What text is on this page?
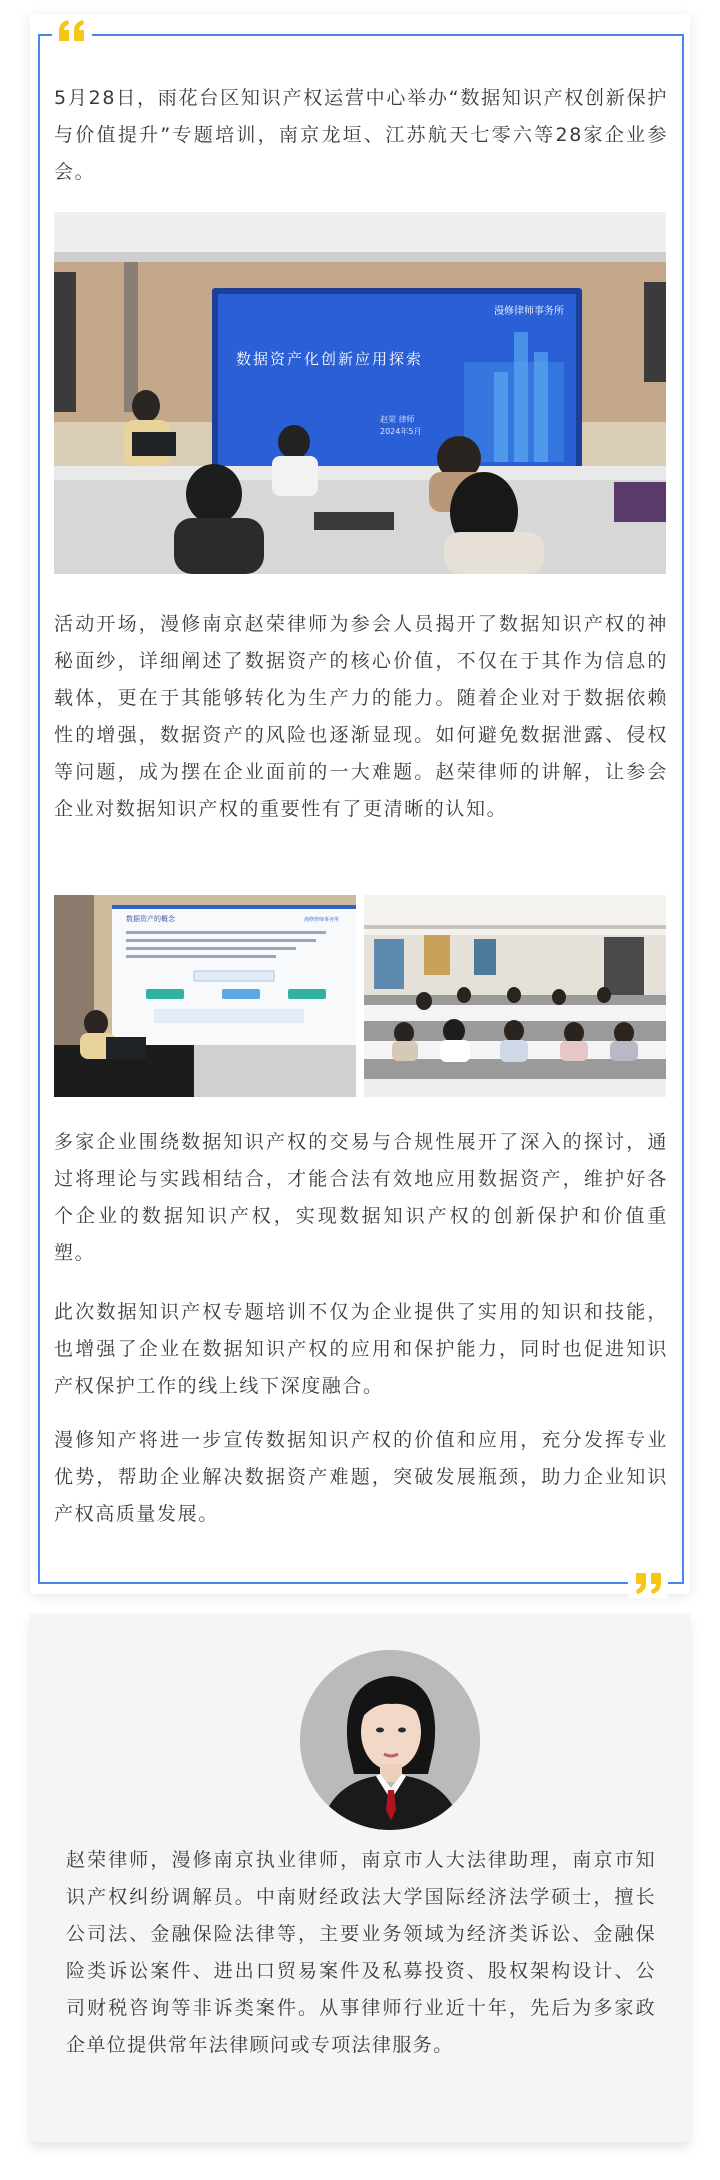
5月28日，雨花台区知识产权运营中心举办“数据知识产权创新保护与价值提升”专题培训，南京龙垣、江苏航天七零六等28家企业参会。

漫修律师事务所
数据资产化创新应用探索
赵荣 律师
2024年5月

活动开场，漫修南京赵荣律师为参会人员揭开了数据知识产权的神秘面纱，详细阐述了数据资产的核心价值，不仅在于其作为信息的载体，更在于其能够转化为生产力的能力。随着企业对于数据依赖性的增强，数据资产的风险也逐渐显现。如何避免数据泄露、侵权等问题，成为摆在企业面前的一大难题。赵荣律师的讲解，让参会企业对数据知识产权的重要性有了更清晰的认知。

数据资产的概念	漫修律师事务所

多家企业围绕数据知识产权的交易与合规性展开了深入的探讨，通过将理论与实践相结合，才能合法有效地应用数据资产，维护好各个企业的数据知识产权，实现数据知识产权的创新保护和价值重塑。

此次数据知识产权专题培训不仅为企业提供了实用的知识和技能，也增强了企业在数据知识产权的应用和保护能力，同时也促进知识产权保护工作的线上线下深度融合。

漫修知产将进一步宣传数据知识产权的价值和应用，充分发挥专业优势，帮助企业解决数据资产难题，突破发展瓶颈，助力企业知识产权高质量发展。

赵荣律师，漫修南京执业律师，南京市人大法律助理，南京市知识产权纠纷调解员。中南财经政法大学国际经济法学硕士，擅长公司法、金融保险法律等，主要业务领域为经济类诉讼、金融保险类诉讼案件、进出口贸易案件及私募投资、股权架构设计、公司财税咨询等非诉类案件。从事律师行业近十年，先后为多家政企单位提供常年法律顾问或专项法律服务。
